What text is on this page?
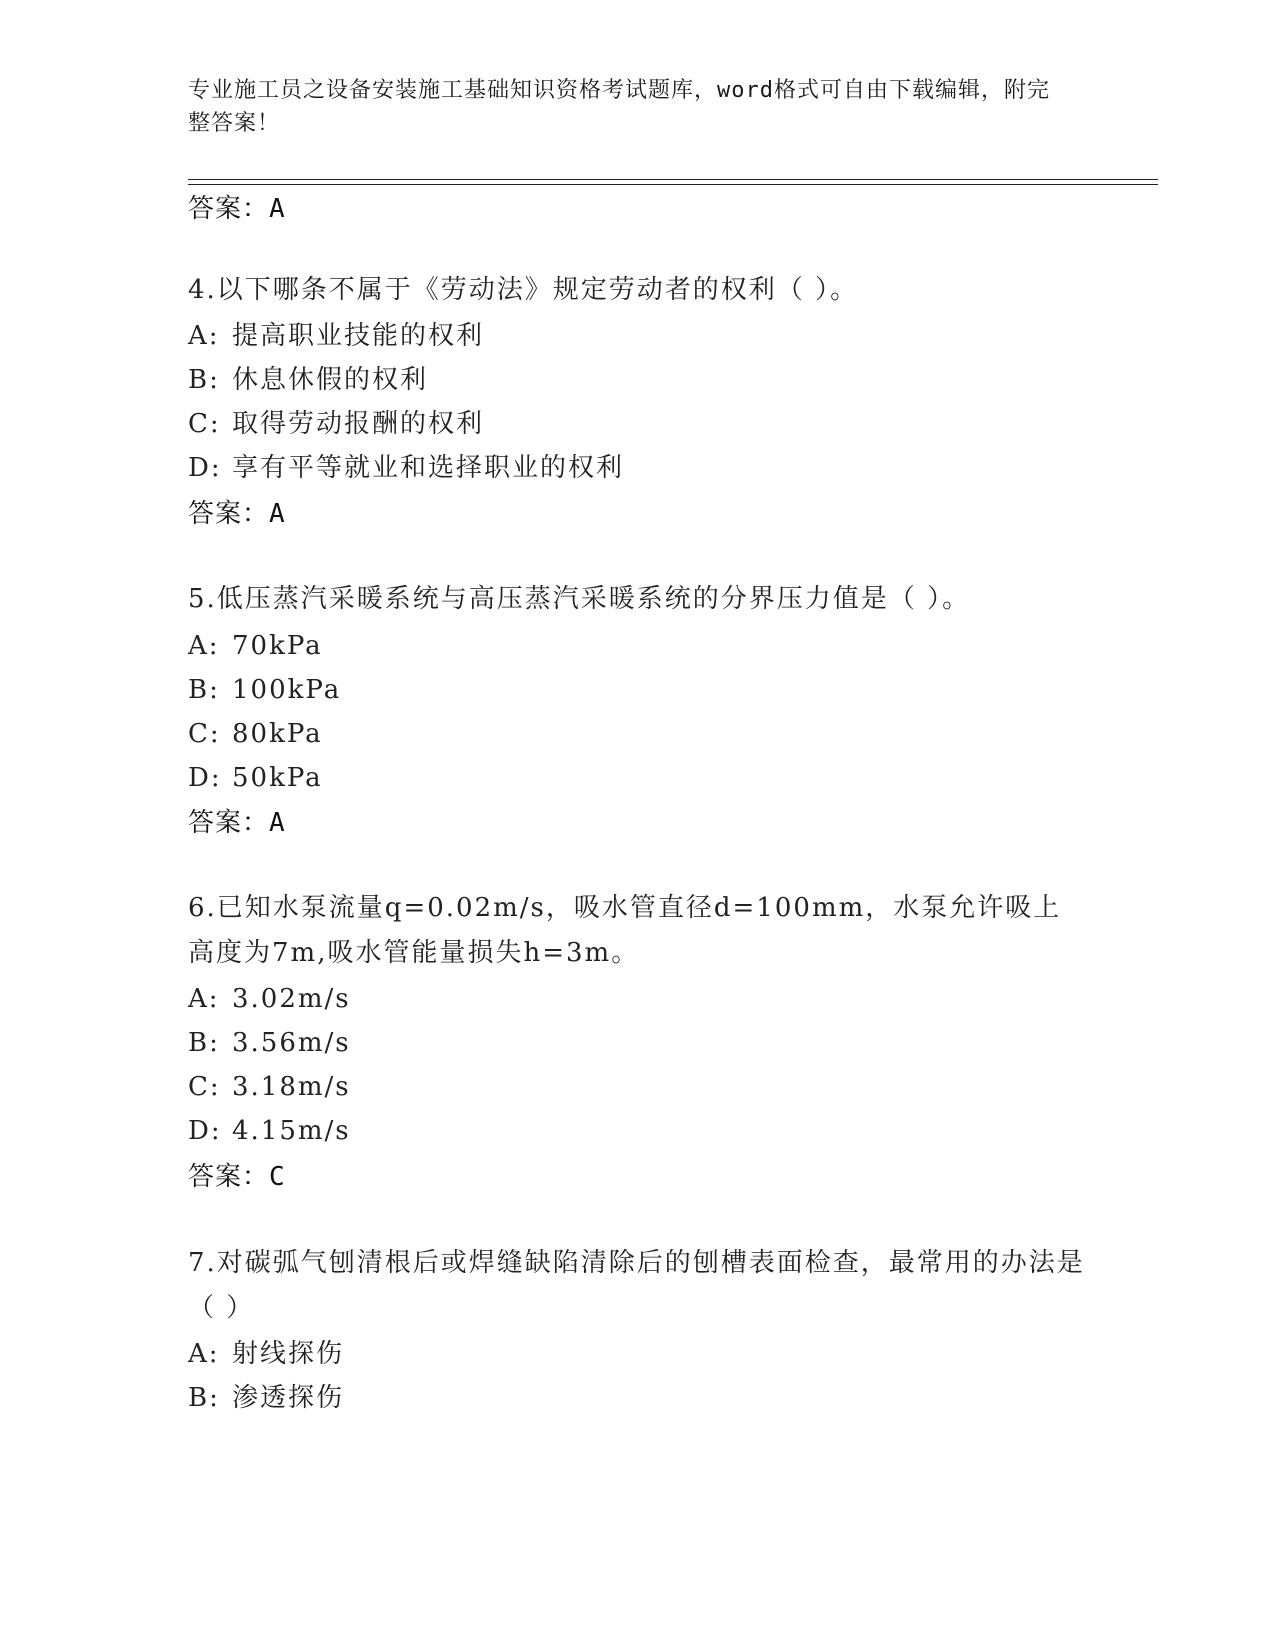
专业施工员之设备安装施工基础知识资格考试题库，word格式可自由下载编辑，附完整答案！
答案：A
4.以下哪条不属于《劳动法》规定劳动者的权利（ ）。
A: 提高职业技能的权利
B: 休息休假的权利
C: 取得劳动报酬的权利
D: 享有平等就业和选择职业的权利
答案：A
5.低压蒸汽采暖系统与高压蒸汽采暖系统的分界压力值是（ ）。
A: 70kPa
B: 100kPa
C: 80kPa
D: 50kPa
答案：A
6.已知水泵流量q=0.02m/s，吸水管直径d=100mm，水泵允许吸上高度为7m,吸水管能量损失h=3m。
A: 3.02m/s
B: 3.56m/s
C: 3.18m/s
D: 4.15m/s
答案：C
7.对碳弧气刨清根后或焊缝缺陷清除后的刨槽表面检查，最常用的办法是（ ）
A: 射线探伤
B: 渗透探伤
